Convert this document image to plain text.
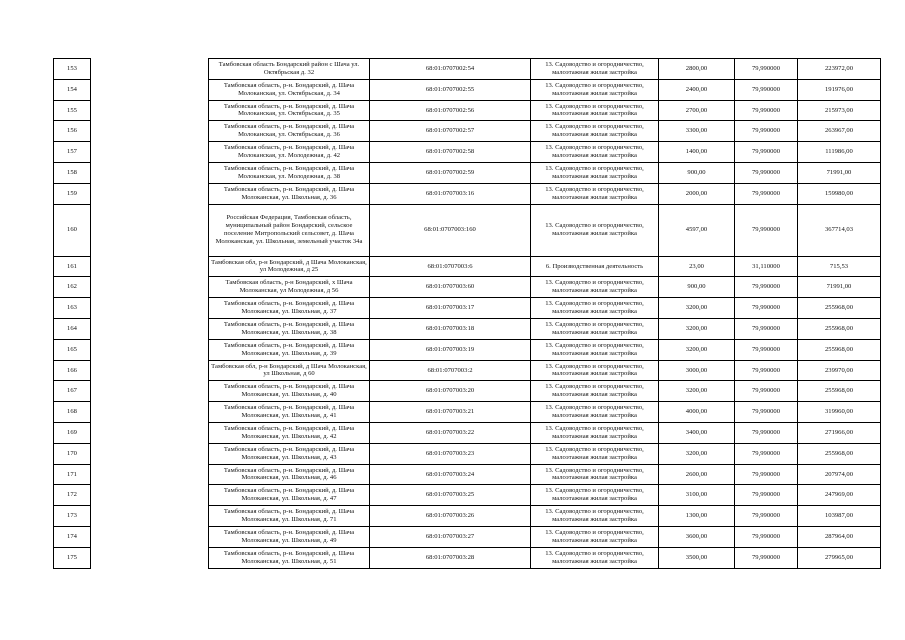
153		Тамбовская область Бондарский район с Шача ул. Октябрьская д. 32	68:01:0707002:54	13. Садоводство и огородничество, малоэтажная жилая застройка	2800,00	79,990000	223972,00
154		Тамбовская область, р-н. Бондарский, д. Шача Молоканская, ул. Октябрьская, д. 34	68:01:0707002:55	13. Садоводство и огородничество, малоэтажная жилая застройка	2400,00	79,990000	191976,00
155		Тамбовская область, р-н. Бондарский, д. Шача Молоканская, ул. Октябрьская, д. 35	68:01:0707002:56	13. Садоводство и огородничество, малоэтажная жилая застройка	2700,00	79,990000	215973,00
156		Тамбовская область, р-н. Бондарский, д. Шача Молоканская, ул. Октябрьская, д. 36	68:01:0707002:57	13. Садоводство и огородничество, малоэтажная жилая застройка	3300,00	79,990000	263967,00
157		Тамбовская область, р-н. Бондарский, д. Шача Молоканская, ул. Молодежная, д. 42	68:01:0707002:58	13. Садоводство и огородничество, малоэтажная жилая застройка	1400,00	79,990000	111986,00
158		Тамбовская область, р-н. Бондарский, д. Шача Молоканская, ул. Молодежная, д. 38	68:01:0707002:59	13. Садоводство и огородничество, малоэтажная жилая застройка	900,00	79,990000	71991,00
159		Тамбовская область, р-н. Бондарский, д. Шача Молоканская, ул. Школьная, д. 36	68:01:0707003:16	13. Садоводство и огородничество, малоэтажная жилая застройка	2000,00	79,990000	159980,00
160		Российская Федерация, Тамбовская область, муниципальный район Бондарский, сельское поселение Митропольский сельсовет, д. Шача Молоканская, ул. Школьная, земельный участок 34а	68:01:0707003:160	13. Садоводство и огородничество, малоэтажная жилая застройка	4597,00	79,990000	367714,03
161		Тамбовская обл, р-н Бондарский, д Шача Молоканская, ул Молодежная, д 25	68:01:0707003:6	6. Производственная деятельность	23,00	31,110000	715,53
162		Тамбовская область, р-н Бондарский, х Шача Молоканская, ул Молодежная, д 56	68:01:0707003:60	13. Садоводство и огородничество, малоэтажная жилая застройка	900,00	79,990000	71991,00
163		Тамбовская область, р-н. Бондарский, д. Шача Молоканская, ул. Школьная, д. 37	68:01:0707003:17	13. Садоводство и огородничество, малоэтажная жилая застройка	3200,00	79,990000	255968,00
164		Тамбовская область, р-н. Бондарский, д. Шача Молоканская, ул. Школьная, д. 38	68:01:0707003:18	13. Садоводство и огородничество, малоэтажная жилая застройка	3200,00	79,990000	255968,00
165		Тамбовская область, р-н. Бондарский, д. Шача Молоканская, ул. Школьная, д. 39	68:01:0707003:19	13. Садоводство и огородничество, малоэтажная жилая застройка	3200,00	79,990000	255968,00
166		Тамбовская обл, р-н Бондарский, д Шача Молоканская, ул Школьная, д 60	68:01:0707003:2	13. Садоводство и огородничество, малоэтажная жилая застройка	3000,00	79,990000	239970,00
167		Тамбовская область, р-н. Бондарский, д. Шача Молоканская, ул. Школьная, д. 40	68:01:0707003:20	13. Садоводство и огородничество, малоэтажная жилая застройка	3200,00	79,990000	255968,00
168		Тамбовская область, р-н. Бондарский, д. Шача Молоканская, ул. Школьная, д. 41	68:01:0707003:21	13. Садоводство и огородничество, малоэтажная жилая застройка	4000,00	79,990000	319960,00
169		Тамбовская область, р-н. Бондарский, д. Шача Молоканская, ул. Школьная, д. 42	68:01:0707003:22	13. Садоводство и огородничество, малоэтажная жилая застройка	3400,00	79,990000	271966,00
170		Тамбовская область, р-н. Бондарский, д. Шача Молоканская, ул. Школьная, д. 43	68:01:0707003:23	13. Садоводство и огородничество, малоэтажная жилая застройка	3200,00	79,990000	255968,00
171		Тамбовская область, р-н. Бондарский, д. Шача Молоканская, ул. Школьная, д. 46	68:01:0707003:24	13. Садоводство и огородничество, малоэтажная жилая застройка	2600,00	79,990000	207974,00
172		Тамбовская область, р-н. Бондарский, д. Шача Молоканская, ул. Школьная, д. 47	68:01:0707003:25	13. Садоводство и огородничество, малоэтажная жилая застройка	3100,00	79,990000	247969,00
173		Тамбовская область, р-н. Бондарский, д. Шача Молоканская, ул. Школьная, д. 71	68:01:0707003:26	13. Садоводство и огородничество, малоэтажная жилая застройка	1300,00	79,990000	103987,00
174		Тамбовская область, р-н. Бондарский, д. Шача Молоканская, ул. Школьная, д. 49	68:01:0707003:27	13. Садоводство и огородничество, малоэтажная жилая застройка	3600,00	79,990000	287964,00
175		Тамбовская область, р-н. Бондарский, д. Шача Молоканская, ул. Школьная, д. 51	68:01:0707003:28	13. Садоводство и огородничество, малоэтажная жилая застройка	3500,00	79,990000	279965,00
